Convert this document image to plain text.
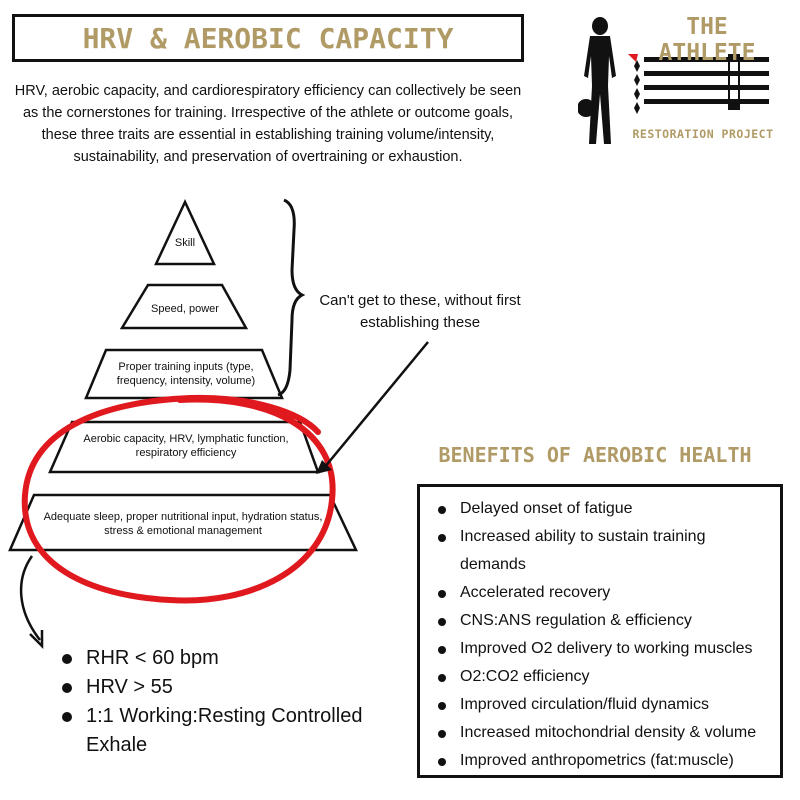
HRV & AEROBIC CAPACITY
HRV, aerobic capacity, and cardiorespiratory efficiency can collectively be seen as the cornerstones for training. Irrespective of the athlete or outcome goals, these three traits are essential in establishing training volume/intensity, sustainability, and preservation of overtraining or exhaustion.
THE ATHLETE
RESTORATION PROJECT
Skill
Speed, power
Proper training inputs (type, frequency, intensity, volume)
Aerobic capacity, HRV, lymphatic function, respiratory efficiency
Adequate sleep, proper nutritional input, hydration status, stress & emotional management
Can't get to these, without first establishing these
RHR < 60 bpm
HRV > 55
1:1 Working:Resting Controlled Exhale
BENEFITS OF AEROBIC HEALTH
Delayed onset of fatigue
Increased ability to sustain training demands
Accelerated recovery
CNS:ANS regulation & efficiency
Improved O2 delivery to working muscles
O2:CO2 efficiency
Improved circulation/fluid dynamics
Increased mitochondrial density & volume
Improved anthropometrics (fat:muscle)
